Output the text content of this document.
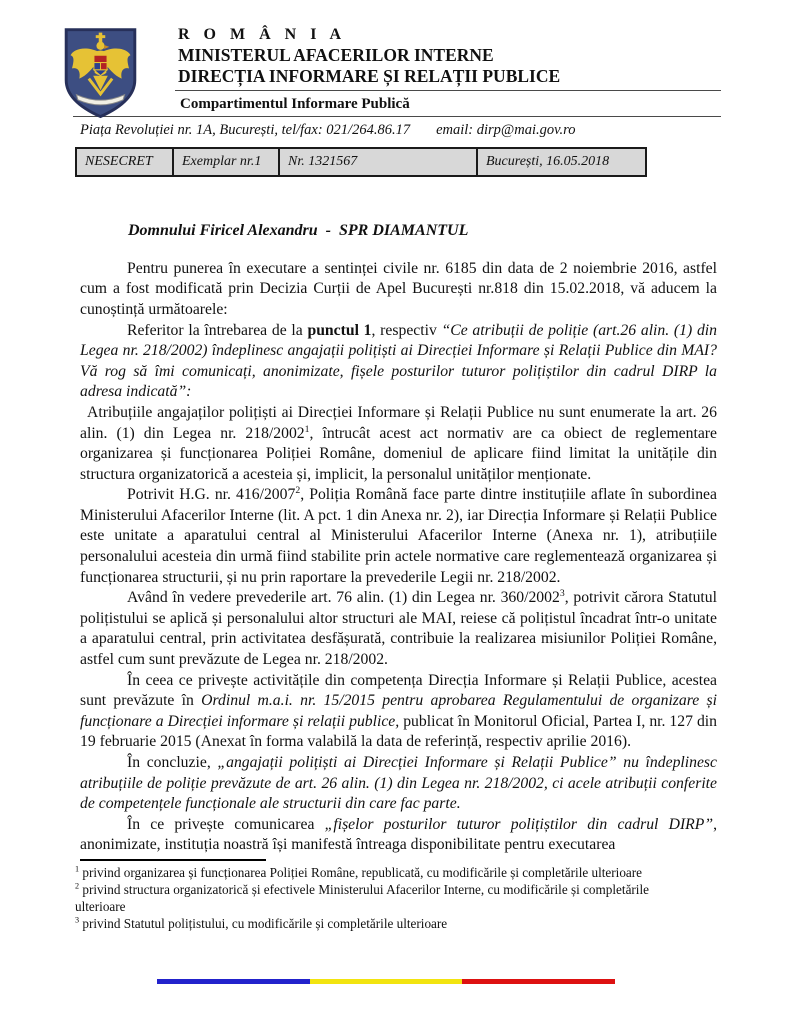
R O M Â N I A
MINISTERUL AFACERILOR INTERNE
DIRECȚIA INFORMARE ȘI RELAȚII PUBLICE
Compartimentul Informare Publică
Piața Revoluției nr. 1A, București, tel/fax: 021/264.86.17 email: dirp@mai.gov.ro
NESECRET	Exemplar nr.1	Nr. 1321567	București, 16.05.2018
Domnului Firicel Alexandru  -  SPR DIAMANTUL

Pentru punerea în executare a sentinței civile nr. 6185 din data de 2 noiembrie 2016, astfel cum a fost modificată prin Decizia Curții de Apel București nr.818 din 15.02.2018, vă aducem la cunoștință următoarele:

Referitor la întrebarea de la punctul 1, respectiv “Ce atribuții de poliție (art.26 alin. (1) din Legea nr. 218/2002) îndeplinesc angajații polițiști ai Direcției Informare și Relații Publice din MAI? Vă rog să îmi comunicați, anonimizate, fișele posturilor tuturor polițiștilor din cadrul DIRP la adresa indicată”:

Atribuțiile angajaților polițiști ai Direcției Informare și Relații Publice nu sunt enumerate la art. 26 alin. (1) din Legea nr. 218/2002$^1$, întrucât acest act normativ are ca obiect de reglementare organizarea și funcționarea Poliției Române, domeniul de aplicare fiind limitat la unitățile din structura organizatorică a acesteia și, implicit, la personalul unităților menționate.

Potrivit H.G. nr. 416/2007$^2$, Poliția Română face parte dintre instituțiile aflate în subordinea Ministerului Afacerilor Interne (lit. A pct. 1 din Anexa nr. 2), iar Direcția Informare și Relații Publice este unitate a aparatului central al Ministerului Afacerilor Interne (Anexa nr. 1), atribuțiile personalului acesteia din urmă fiind stabilite prin actele normative care reglementează organizarea și funcționarea structurii, și nu prin raportare la prevederile Legii nr. 218/2002.

Având în vedere prevederile art. 76 alin. (1) din Legea nr. 360/2002$^3$, potrivit cărora Statutul polițistului se aplică și personalului altor structuri ale MAI, reiese că polițistul încadrat într-o unitate a aparatului central, prin activitatea desfășurată, contribuie la realizarea misiunilor Poliției Române, astfel cum sunt prevăzute de Legea nr. 218/2002.

În ceea ce privește activitățile din competența Direcția Informare și Relații Publice, acestea sunt prevăzute în Ordinul m.a.i. nr. 15/2015 pentru aprobarea Regulamentului de organizare și funcționare a Direcției informare și relații publice, publicat în Monitorul Oficial, Partea I, nr. 127 din 19 februarie 2015 (Anexat în forma valabilă la data de referință, respectiv aprilie 2016).

În concluzie, „angajații polițiști ai Direcției Informare și Relații Publice” nu îndeplinesc atribuțiile de poliție prevăzute de art. 26 alin. (1) din Legea nr. 218/2002, ci acele atribuții conferite de competențele funcționale ale structurii din care fac parte.

În ce privește comunicarea „fișelor posturilor tuturor polițiștilor din cadrul DIRP”, anonimizate, instituția noastră își manifestă întreaga disponibilitate pentru executarea

$^1$ privind organizarea și funcționarea Poliției Române, republicată, cu modificările și completările ulterioare
$^2$ privind structura organizatorică și efectivele Ministerului Afacerilor Interne, cu modificările și completările ulterioare
$^3$ privind Statutul polițistului, cu modificările și completările ulterioare
